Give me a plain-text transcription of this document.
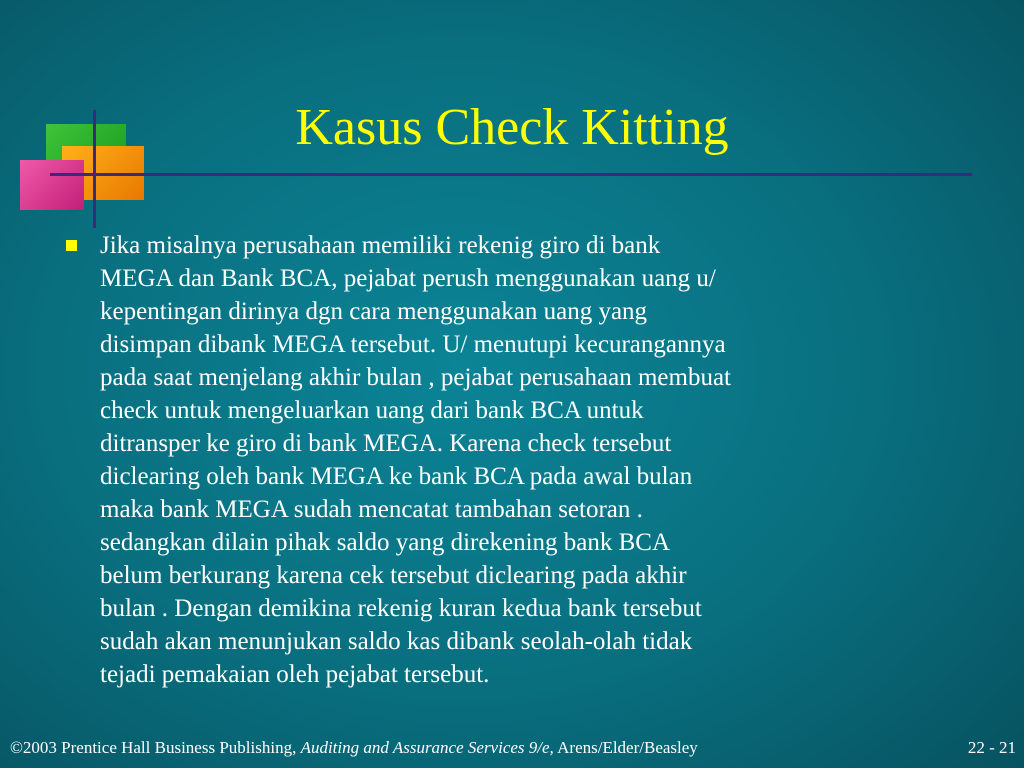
Kasus Check Kitting
Jika misalnya perusahaan memiliki rekenig giro di bank
MEGA dan Bank BCA, pejabat perush menggunakan uang u/
kepentingan dirinya dgn cara menggunakan uang yang
disimpan dibank MEGA tersebut. U/ menutupi kecurangannya
pada saat menjelang akhir bulan , pejabat perusahaan membuat
check untuk mengeluarkan uang dari bank BCA untuk
ditransper ke giro di bank MEGA. Karena check tersebut
diclearing oleh bank MEGA ke bank BCA pada awal bulan
maka bank MEGA sudah mencatat tambahan setoran .
sedangkan dilain pihak saldo yang direkening bank BCA
belum berkurang karena cek tersebut diclearing pada akhir
bulan . Dengan demikina rekenig kuran kedua bank tersebut
sudah akan menunjukan saldo kas dibank seolah-olah tidak
tejadi pemakaian oleh pejabat tersebut.
©2003 Prentice Hall Business Publishing, Auditing and Assurance Services 9/e, Arens/Elder/Beasley	22 - 21
